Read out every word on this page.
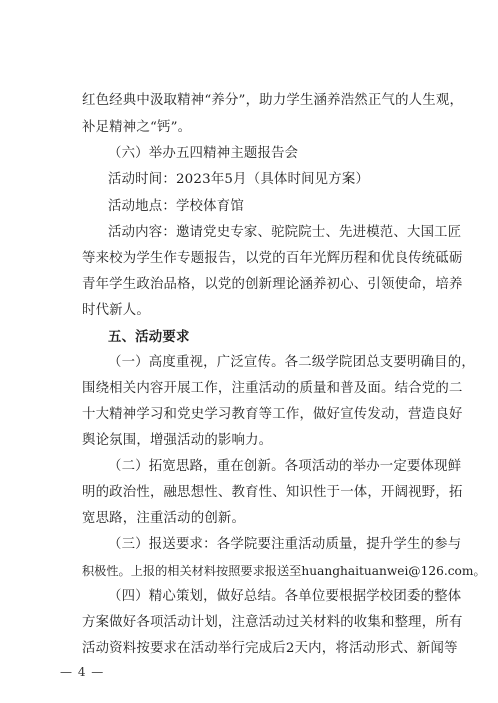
红色经典中汲取精神“养分”，助力学生涵养浩然正气的人生观，
补足精神之“钙”。
（六）举办五四精神主题报告会
活动时间：2023年5月（具体时间见方案）
活动地点：学校体育馆
活动内容：邀请党史专家、驼院院士、先进模范、大国工匠
等来校为学生作专题报告，以党的百年光辉历程和优良传统砥砺
青年学生政治品格，以党的创新理论涵养初心、引领使命，培养
时代新人。
五、活动要求
（一）高度重视，广泛宣传。各二级学院团总支要明确目的，
围绕相关内容开展工作，注重活动的质量和普及面。结合党的二
十大精神学习和党史学习教育等工作，做好宣传发动，营造良好
舆论氛围，增强活动的影响力。
（二）拓宽思路，重在创新。各项活动的举办一定要体现鲜
明的政治性，融思想性、教育性、知识性于一体，开阔视野，拓
宽思路，注重活动的创新。
（三）报送要求：各学院要注重活动质量，提升学生的参与
积极性。上报的相关材料按照要求报送至huanghaituanwei@126.com。
（四）精心策划，做好总结。各单位要根据学校团委的整体
方案做好各项活动计划，注意活动过关材料的收集和整理，所有
活动资料按要求在活动举行完成后2天内，将活动形式、新闻等
— 4 —
